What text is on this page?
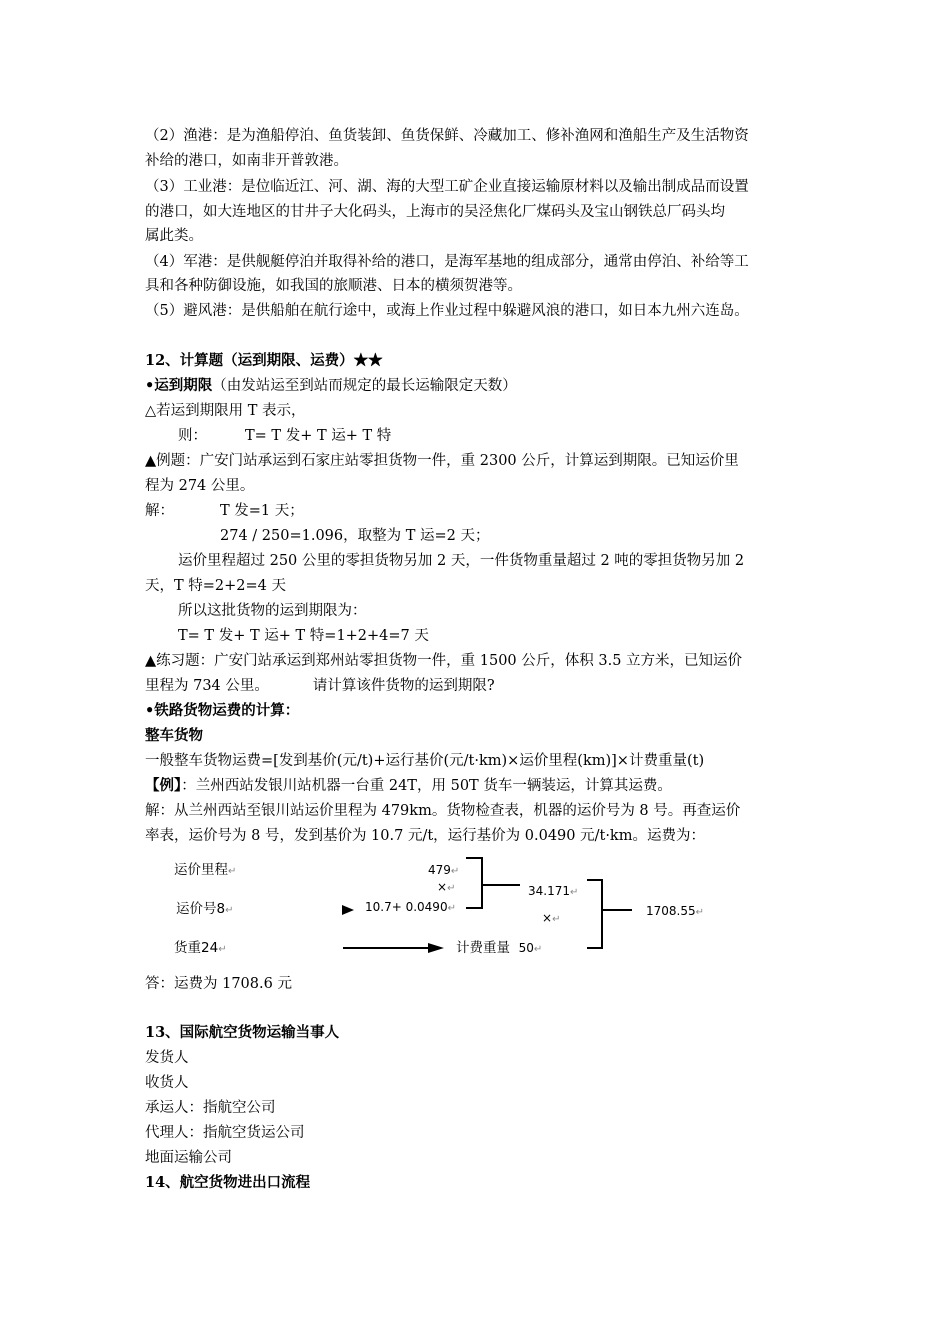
（2）渔港：是为渔船停泊、鱼货装卸、鱼货保鲜、冷藏加工、修补渔网和渔船生产及生活物资
补给的港口，如南非开普敦港。
（3）工业港：是位临近江、河、湖、海的大型工矿企业直接运输原材料以及输出制成品而设置
的港口，如大连地区的甘井子大化码头，上海市的吴泾焦化厂煤码头及宝山钢铁总厂码头均
属此类。
（4）军港：是供舰艇停泊并取得补给的港口，是海军基地的组成部分，通常由停泊、补给等工
具和各种防御设施，如我国的旅顺港、日本的横须贺港等。
（5）避风港：是供船舶在航行途中，或海上作业过程中躲避风浪的港口，如日本九州六连岛。
12、计算题（运到期限、运费）★★
•运到期限（由发站运至到站而规定的最长运输限定天数）
△若运到期限用 T 表示，
则：	T= T 发+ T 运+ T 特
▲例题：广安门站承运到石家庄站零担货物一件，重 2300 公斤，计算运到期限。已知运价里
程为 274 公里。
解：	T 发=1 天；
274 / 250=1.096，取整为 T 运=2 天；
运价里程超过 250 公里的零担货物另加 2 天，一件货物重量超过 2 吨的零担货物另加 2
天，T 特=2+2=4 天
所以这批货物的运到期限为：
T= T 发+ T 运+ T 特=1+2+4=7 天
▲练习题：广安门站承运到郑州站零担货物一件，重 1500 公斤，体积 3.5 立方米，已知运价
里程为 734 公里。	请计算该件货物的运到期限?
•铁路货物运费的计算：
整车货物
一般整车货物运费=[发到基价(元/t)+运行基价(元/t·km)×运价里程(km)]×计费重量(t)
【例】：兰州西站发银川站机器一台重 24T，用 50T 货车一辆装运，计算其运费。
解：从兰州西站至银川站运价里程为 479km。货物检查表，机器的运价号为 8 号。再查运价
率表，运价号为 8 号，发到基价为 10.7 元/t，运行基价为 0.0490 元/t·km。运费为：
运价里程↵
运价号8↵
货重24↵
479↵
×↵
10.7+ 0.0490↵
34.171↵
×↵
计费重量 50↵
1708.55↵
答：运费为 1708.6 元
13、国际航空货物运输当事人
发货人
收货人
承运人：指航空公司
代理人：指航空货运公司
地面运输公司
14、航空货物进出口流程
